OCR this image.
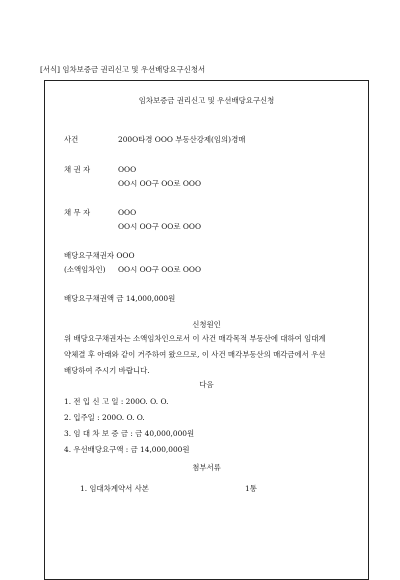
[서식] 임차보증금 권리신고 및 우선배당요구신청서
임차보증금 권리신고 및 우선배당요구신청
사건	200O타경 OOO 부동산강제(임의)경매
채 권 자	OOO
OO시 OO구 OO로 OOO
채 무 자	OOO
OO시 OO구 OO로 OOO
배당요구채권자 OOO
(소액임차인) OO시 OO구 OO로 OOO
배당요구채권액 금 14,000,000원
신청원인
위 배당요구채권자는 소액임차인으로서 이 사건 매각목적 부동산에 대하여 임대계
약체결 후 아래와 같이 거주하여 왔으므로, 이 사건 매각부동산의 매각금에서 우선
배당하여 주시기 바랍니다.
다음
1. 전 입 신 고 일 : 200O. O. O.
2. 입주일 : 200O. O. O.
3. 임 대 차 보 증 금 : 금 40,000,000원
4. 우선배당요구액 : 금 14,000,000원
첨부서류
1. 임대차계약서 사본	1통
